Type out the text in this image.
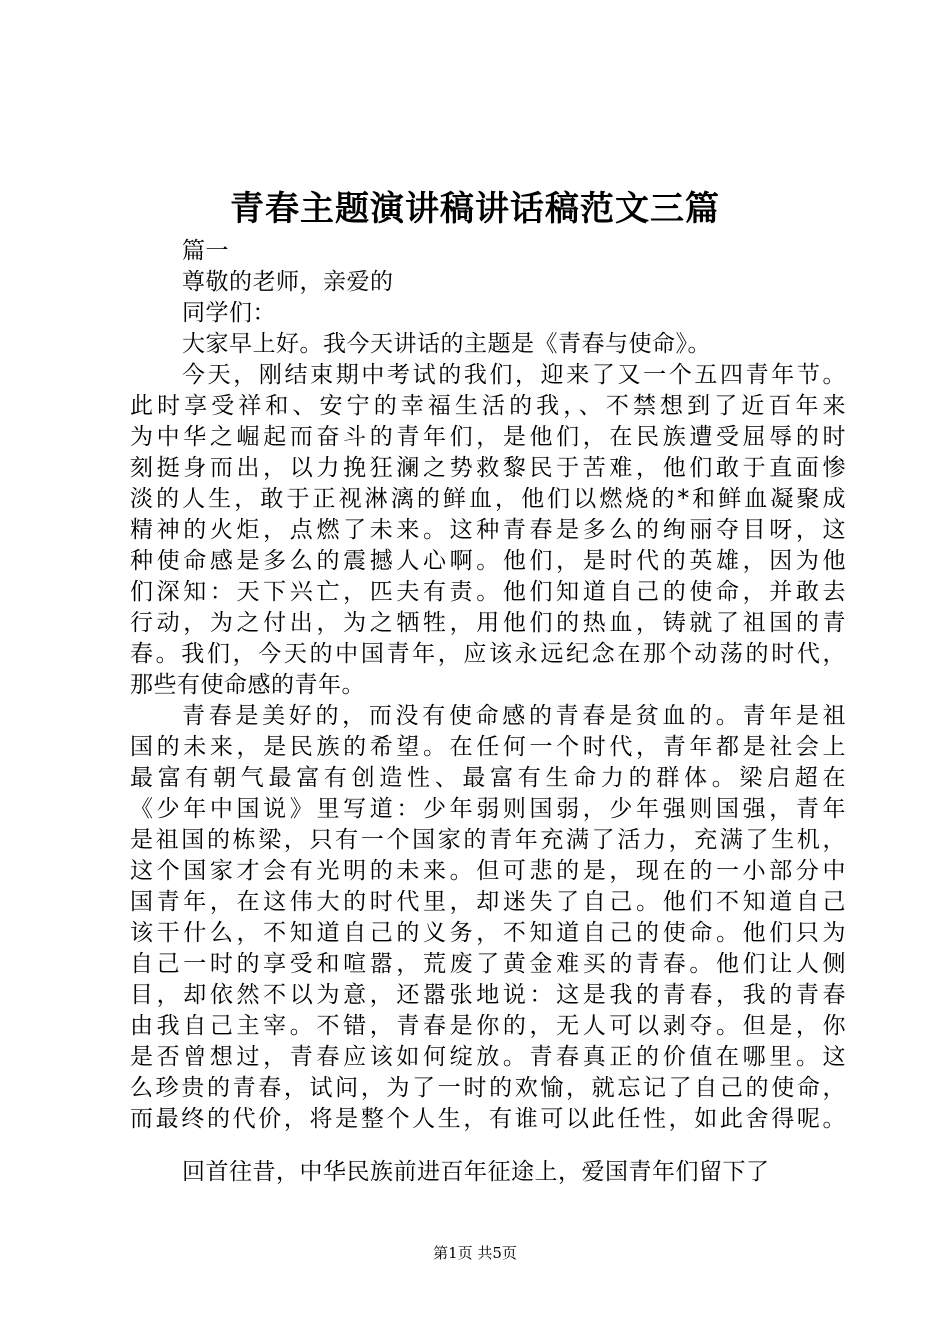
青春主题演讲稿讲话稿范文三篇
篇一
尊敬的老师，亲爱的
同学们：
大家早上好。我今天讲话的主题是《青春与使命》。
今天，刚结束期中考试的我们，迎来了又一个五四青年节。
此时享受祥和、安宁的幸福生活的我，、不禁想到了近百年来
为中华之崛起而奋斗的青年们，是他们，在民族遭受屈辱的时
刻挺身而出，以力挽狂澜之势救黎民于苦难，他们敢于直面惨
淡的人生，敢于正视淋漓的鲜血，他们以燃烧的*和鲜血凝聚成
精神的火炬，点燃了未来。这种青春是多么的绚丽夺目呀，这
种使命感是多么的震撼人心啊。他们，是时代的英雄，因为他
们深知：天下兴亡，匹夫有责。他们知道自己的使命，并敢去
行动，为之付出，为之牺牲，用他们的热血，铸就了祖国的青
春。我们，今天的中国青年，应该永远纪念在那个动荡的时代，
那些有使命感的青年。
青春是美好的，而没有使命感的青春是贫血的。青年是祖
国的未来，是民族的希望。在任何一个时代，青年都是社会上
最富有朝气最富有创造性、最富有生命力的群体。梁启超在
《少年中国说》里写道：少年弱则国弱，少年强则国强，青年
是祖国的栋梁，只有一个国家的青年充满了活力，充满了生机，
这个国家才会有光明的未来。但可悲的是，现在的一小部分中
国青年，在这伟大的时代里，却迷失了自己。他们不知道自己
该干什么，不知道自己的义务，不知道自己的使命。他们只为
自己一时的享受和喧嚣，荒废了黄金难买的青春。他们让人侧
目，却依然不以为意，还嚣张地说：这是我的青春，我的青春
由我自己主宰。不错，青春是你的，无人可以剥夺。但是，你
是否曾想过，青春应该如何绽放。青春真正的价值在哪里。这
么珍贵的青春，试问，为了一时的欢愉，就忘记了自己的使命，
而最终的代价，将是整个人生，有谁可以此任性，如此舍得呢。
回首往昔，中华民族前进百年征途上，爱国青年们留下了
第1页 共5页
